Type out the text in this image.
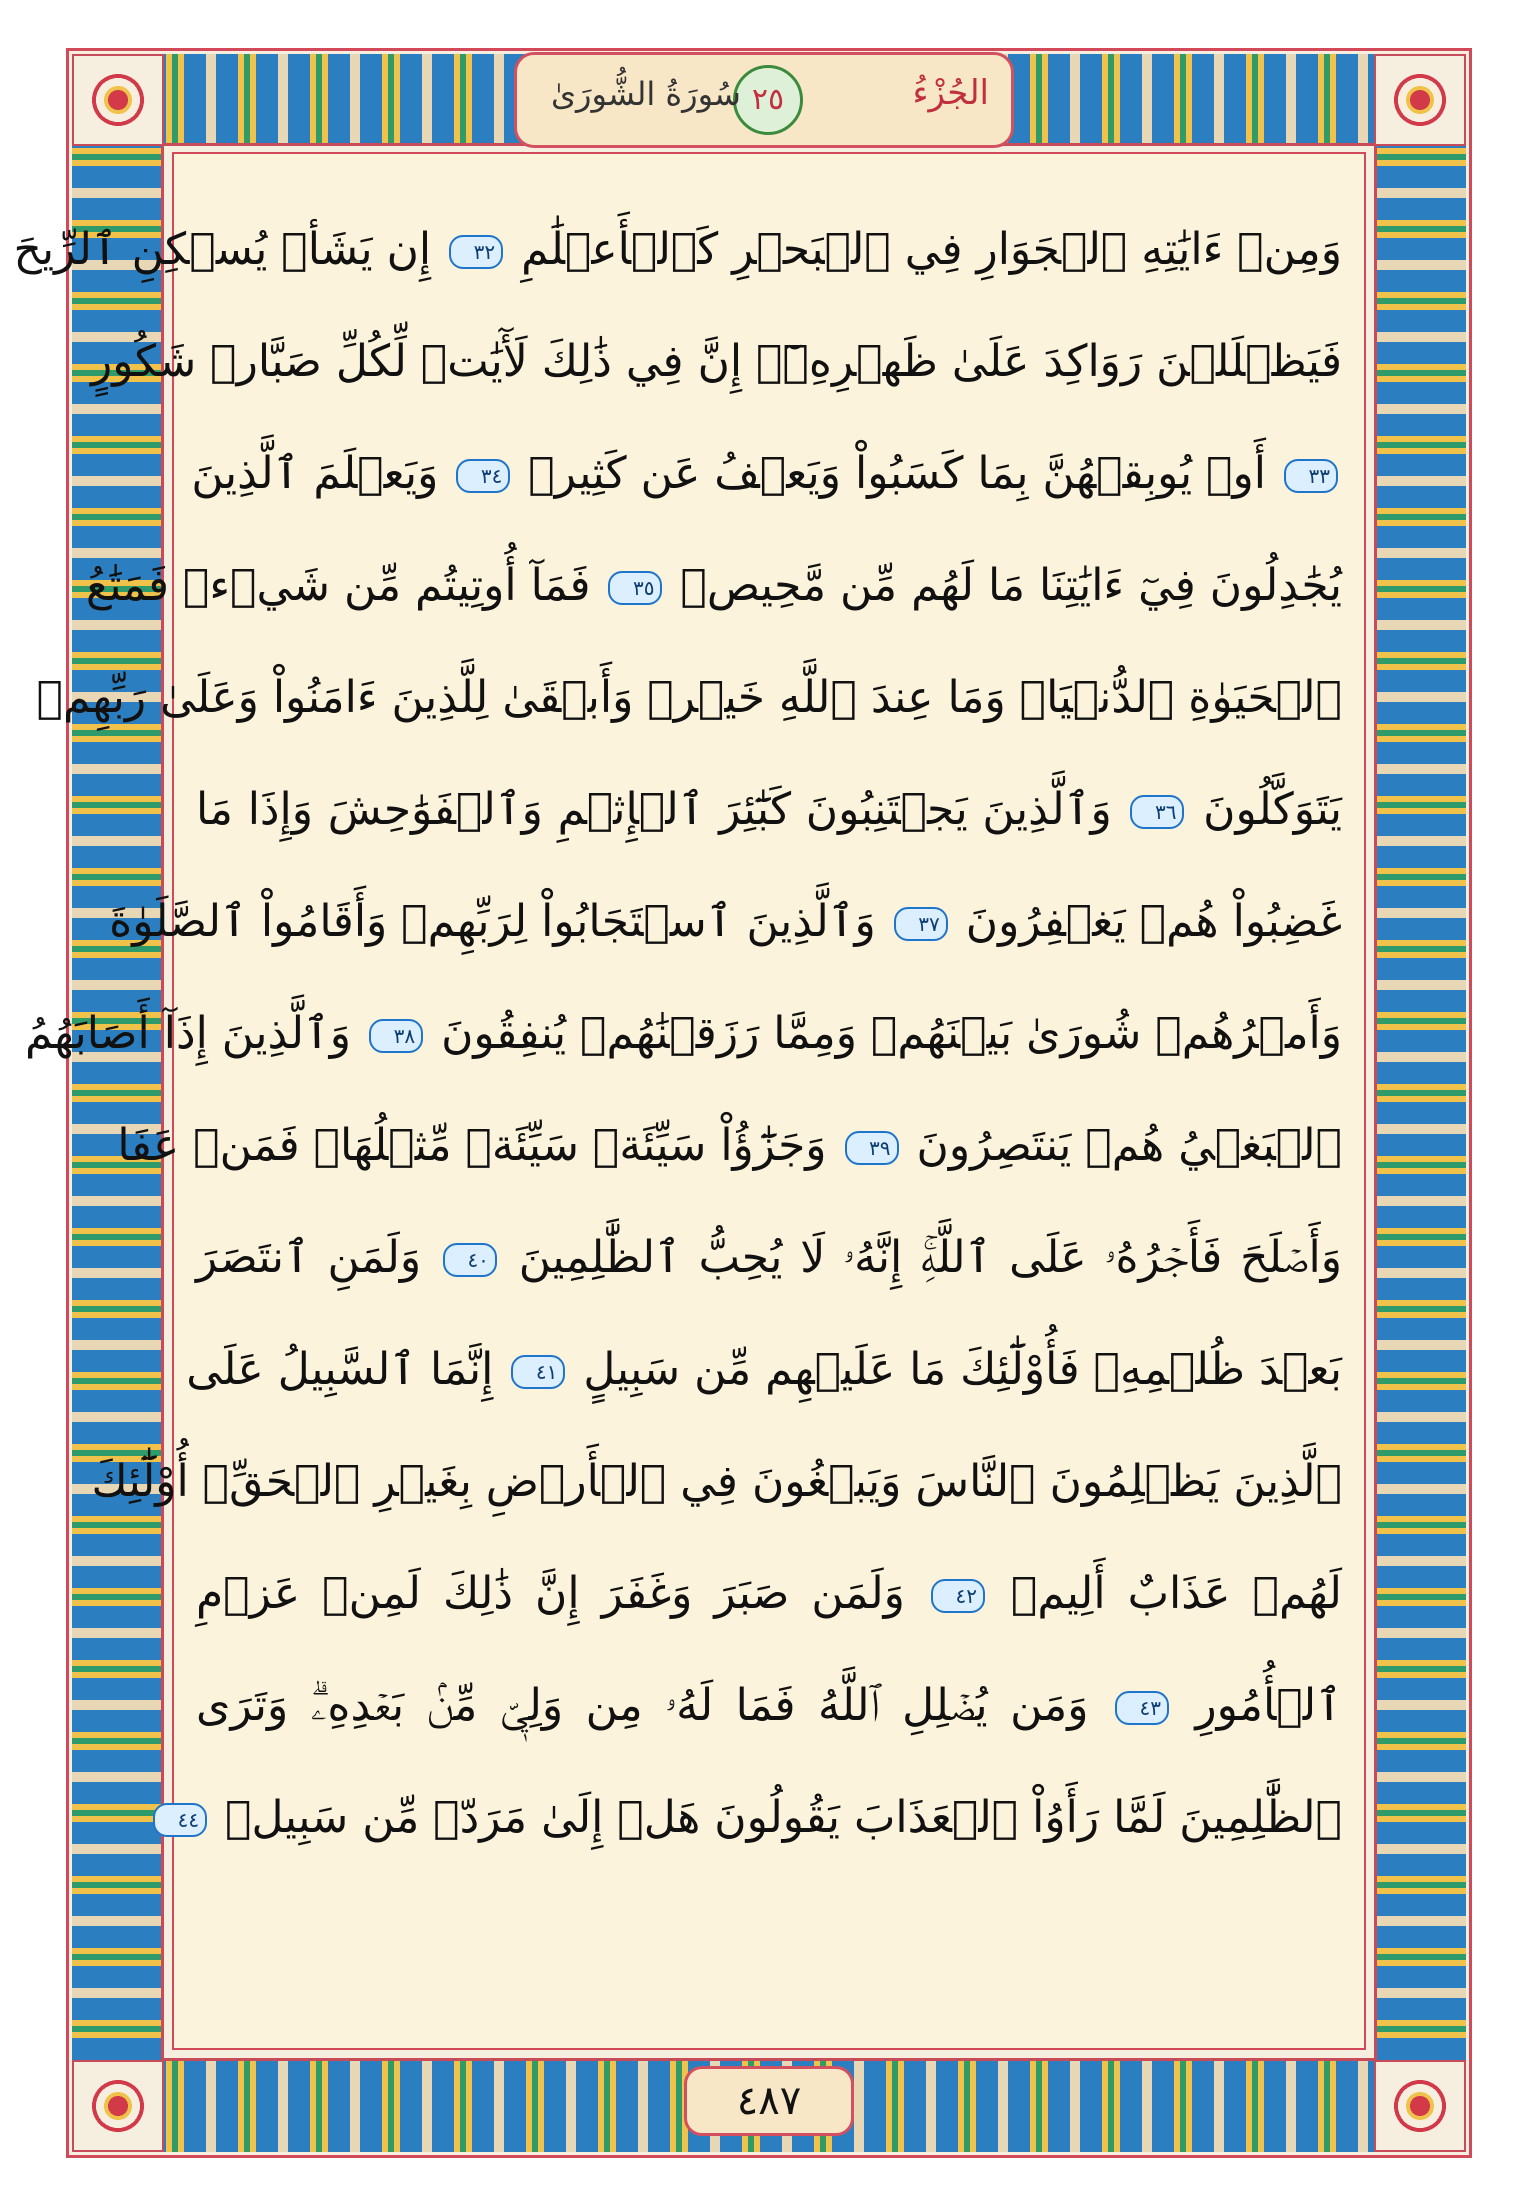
الجُزْءُ
٢٥
سُورَةُ الشُّورَىٰ
وَمِنۡ ءَايَٰتِهِ ٱلۡجَوَارِ فِي ٱلۡبَحۡرِ كَٱلۡأَعۡلَٰمِ ٣٢ إِن يَشَأۡ يُسۡكِنِ ٱلرِّيحَ
فَيَظۡلَلۡنَ رَوَاكِدَ عَلَىٰ ظَهۡرِهِۦٓۚ إِنَّ فِي ذَٰلِكَ لَأٓيَٰتٖ لِّكُلِّ صَبَّارٖ شَكُورٍ
٣٣ أَوۡ يُوبِقۡهُنَّ بِمَا كَسَبُواْ وَيَعۡفُ عَن كَثِيرٖ ٣٤ وَيَعۡلَمَ ٱلَّذِينَ
يُجَٰدِلُونَ فِيٓ ءَايَٰتِنَا مَا لَهُم مِّن مَّحِيصٖ ٣٥ فَمَآ أُوتِيتُم مِّن شَيۡءٖ فَمَتَٰعُ
ٱلۡحَيَوٰةِ ٱلدُّنۡيَاۖ وَمَا عِندَ ٱللَّهِ خَيۡرٞ وَأَبۡقَىٰ لِلَّذِينَ ءَامَنُواْ وَعَلَىٰ رَبِّهِمۡ
يَتَوَكَّلُونَ ٣٦ وَٱلَّذِينَ يَجۡتَنِبُونَ كَبَٰٓئِرَ ٱلۡإِثۡمِ وَٱلۡفَوَٰحِشَ وَإِذَا مَا
غَضِبُواْ هُمۡ يَغۡفِرُونَ ٣٧ وَٱلَّذِينَ ٱسۡتَجَابُواْ لِرَبِّهِمۡ وَأَقَامُواْ ٱلصَّلَوٰةَ
وَأَمۡرُهُمۡ شُورَىٰ بَيۡنَهُمۡ وَمِمَّا رَزَقۡنَٰهُمۡ يُنفِقُونَ ٣٨ وَٱلَّذِينَ إِذَآ أَصَابَهُمُ
ٱلۡبَغۡيُ هُمۡ يَنتَصِرُونَ ٣٩ وَجَزَٰٓؤُاْ سَيِّئَةٖ سَيِّئَةٞ مِّثۡلُهَاۖ فَمَنۡ عَفَا
وَأَصۡلَحَ فَأَجۡرُهُۥ عَلَى ٱللَّهِۚ إِنَّهُۥ لَا يُحِبُّ ٱلظَّٰلِمِينَ ٤٠ وَلَمَنِ ٱنتَصَرَ
بَعۡدَ ظُلۡمِهِۦ فَأُوْلَٰٓئِكَ مَا عَلَيۡهِم مِّن سَبِيلٍ ٤١ إِنَّمَا ٱلسَّبِيلُ عَلَى
ٱلَّذِينَ يَظۡلِمُونَ ٱلنَّاسَ وَيَبۡغُونَ فِي ٱلۡأَرۡضِ بِغَيۡرِ ٱلۡحَقِّۚ أُوْلَٰٓئِكَ
لَهُمۡ عَذَابٌ أَلِيمٞ ٤٢ وَلَمَن صَبَرَ وَغَفَرَ إِنَّ ذَٰلِكَ لَمِنۡ عَزۡمِ
ٱلۡأُمُورِ ٤٣ وَمَن يُضۡلِلِ ٱللَّهُ فَمَا لَهُۥ مِن وَلِيّٖ مِّنۢ بَعۡدِهِۦۗ وَتَرَى
ٱلظَّٰلِمِينَ لَمَّا رَأَوُاْ ٱلۡعَذَابَ يَقُولُونَ هَلۡ إِلَىٰ مَرَدّٖ مِّن سَبِيلٖ ٤٤
٤٨٧
